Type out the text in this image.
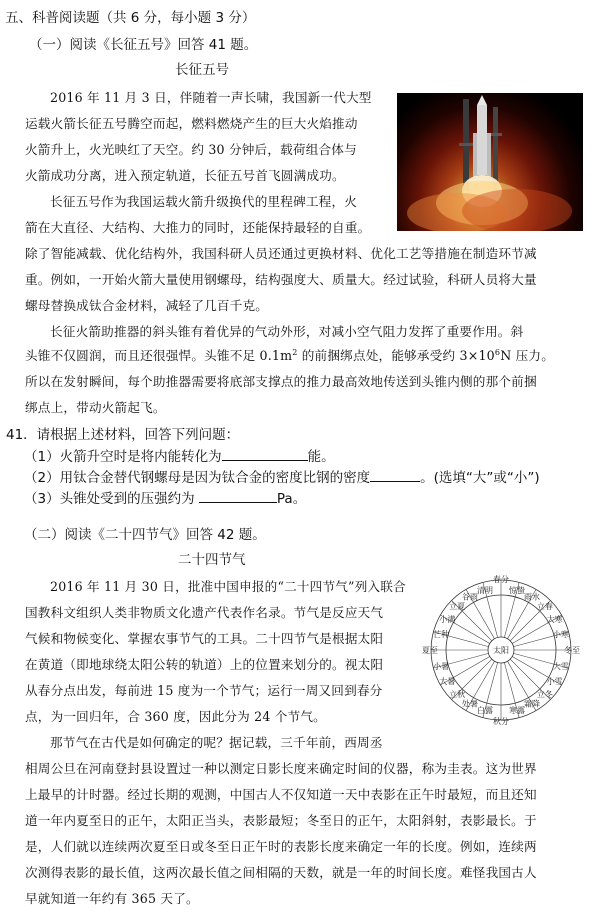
五、科普阅读题（共 6 分，每小题 3 分）
（一）阅读《长征五号》回答 41 题。
长征五号
2016 年 11 月 3 日，伴随着一声长啸，我国新一代大型
运载火箭长征五号腾空而起，燃料燃烧产生的巨大火焰推动
火箭升上，火光映红了天空。约 30 分钟后，载荷组合体与
火箭成功分离，进入预定轨道，长征五号首飞圆满成功。
长征五号作为我国运载火箭升级换代的里程碑工程，火
箭在大直径、大结构、大推力的同时，还能保持最轻的自重。
除了智能减载、优化结构外，我国科研人员还通过更换材料、优化工艺等措施在制造环节减
重。例如，一开始火箭大量使用钢螺母，结构强度大、质量大。经过试验，科研人员将大量
螺母替换成钛合金材料，减轻了几百千克。
长征火箭助推器的斜头锥有着优异的气动外形，对减小空气阻力发挥了重要作用。斜
头锥不仅圆润，而且还很强悍。头锥不足 $0.1m^2$ 的前捆绑点处，能够承受约 $3\times 10^6N$ 压力。
所以在发射瞬间，每个助推器需要将底部支撑点的推力最高效地传送到头锥内侧的那个前捆
绑点上，带动火箭起飞。
41．请根据上述材料，回答下列问题：
（1）火箭升空时是将内能转化为	能。
（2）用钛合金替代钢螺母是因为钛合金的密度比钢的密度	。(选填“大”或“小”)
（3）头锥处受到的压强约为	Pa。
（二）阅读《二十四节气》回答 42 题。
二十四节气
2016 年 11 月 30 日，批准中国申报的“二十四节气”列入联合
国教科文组织人类非物质文化遗产代表作名录。节气是反应天气
气候和物候变化、掌握农事节气的工具。二十四节气是根据太阳
在黄道（即地球绕太阳公转的轨道）上的位置来划分的。视太阳
从春分点出发，每前进 15 度为一个节气；运行一周又回到春分
点，为一回归年，合 360 度，因此分为 24 个节气。
那节气在古代是如何确定的呢？据记载，三千年前，西周丞
相周公旦在河南登封县设置过一种以测定日影长度来确定时间的仪器，称为圭表。这为世界
上最早的计时器。经过长期的观测，中国古人不仅知道一天中表影在正午时最短，而且还知
道一年内夏至日的正午，太阳正当头，表影最短；冬至日的正午，太阳斜射，表影最长。于
是，人们就以连续两次夏至日或冬至日正午时的表影长度来确定一年的长度。例如，连续两
次测得表影的最长值，这两次最长值之间相隔的天数，就是一年的时间长度。难怪我国古人
早就知道一年约有 365 天了。
春分
惊蛰
雨水
立春
大寒
小寒
冬至
大雪
小雪
立冬
霜降
寒露
秋分
白露
处暑
立秋
大暑
小暑
夏至
芒种
小满
立夏
谷雨
清明
太阳
